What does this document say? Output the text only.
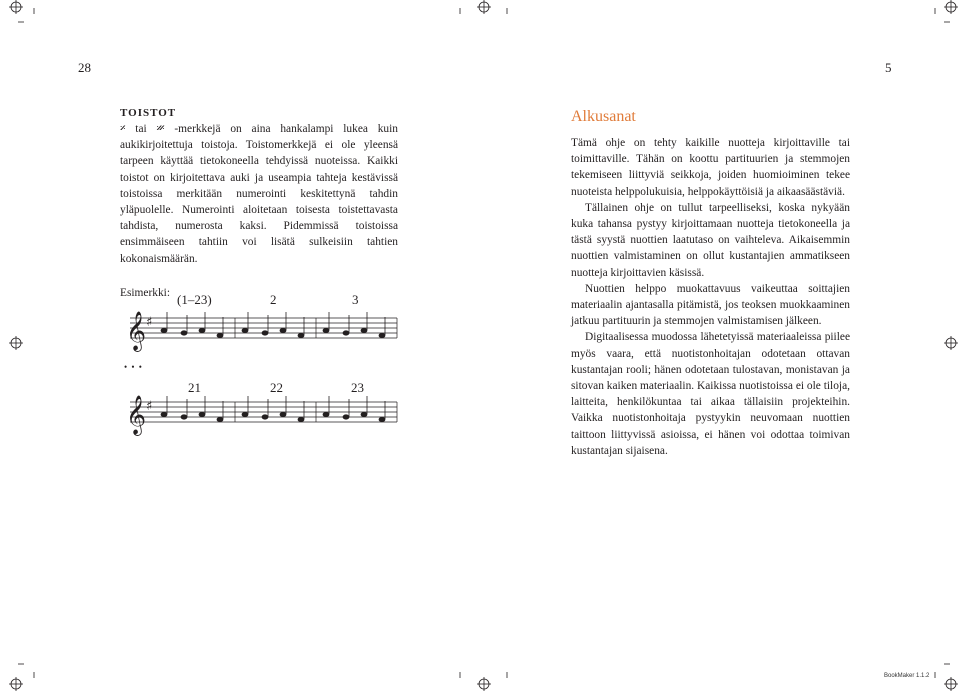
28	5
TOISTOT

𝄎 tai 𝄏 -merkkejä on aina hankalampi lukea kuin aukikirjoitettuja toistoja. Toistomerkkejä ei ole yleensä tarpeen käyttää tietokoneella tehdyissä nuoteissa. Kaikki toistot on kirjoitettava auki ja useampia tahteja kestävissä toistoissa merkitään numerointi keskitettynä tahdin yläpuolelle. Numerointi aloitetaan toisesta toistettavasta tahdista, numerosta kaksi. Pidemmissä toistoissa ensimmäiseen tahtiin voi lisätä sulkeisiin tahtien kokonaismäärän.

Esimerkki: (1–23)	2	3
𝄞 ♯
• • •
21	22	23
𝄞 ♯
Alkusanat

Tämä ohje on tehty kaikille nuotteja kirjoittaville tai toimittaville. Tähän on koottu partituurien ja stemmojen tekemiseen liittyviä seikkoja, joiden huomioiminen tekee nuoteista helppolukuisia, helppokäyttöisiä ja aikaasäästäviä.

Tällainen ohje on tullut tarpeelliseksi, koska nykyään kuka tahansa pystyy kirjoittamaan nuotteja tietokoneella ja tästä syystä nuottien laatutaso on vaihteleva. Aikaisemmin nuottien valmistaminen on ollut kustantajien ammatikseen nuotteja kirjoittavien käsissä.

Nuottien helppo muokattavuus vaikeuttaa soittajien materiaalin ajantasalla pitämistä, jos teoksen muokkaaminen jatkuu partituurin ja stemmojen valmistamisen jälkeen.

Digitaalisessa muodossa lähetetyissä materiaaleissa piilee myös vaara, että nuotistonhoitajan odotetaan ottavan kustantajan rooli; hänen odotetaan tulostavan, monistavan ja sitovan kaiken materiaalin. Kaikissa nuotistoissa ei ole tiloja, laitteita, henkilökuntaa tai aikaa tällaisiin projekteihin. Vaikka nuotistonhoitaja pystyykin neuvomaan nuottien taittoon liittyvissä asioissa, ei hänen voi odottaa toimivan kustantajan sijaisena.

BookMaker 1.1.2
